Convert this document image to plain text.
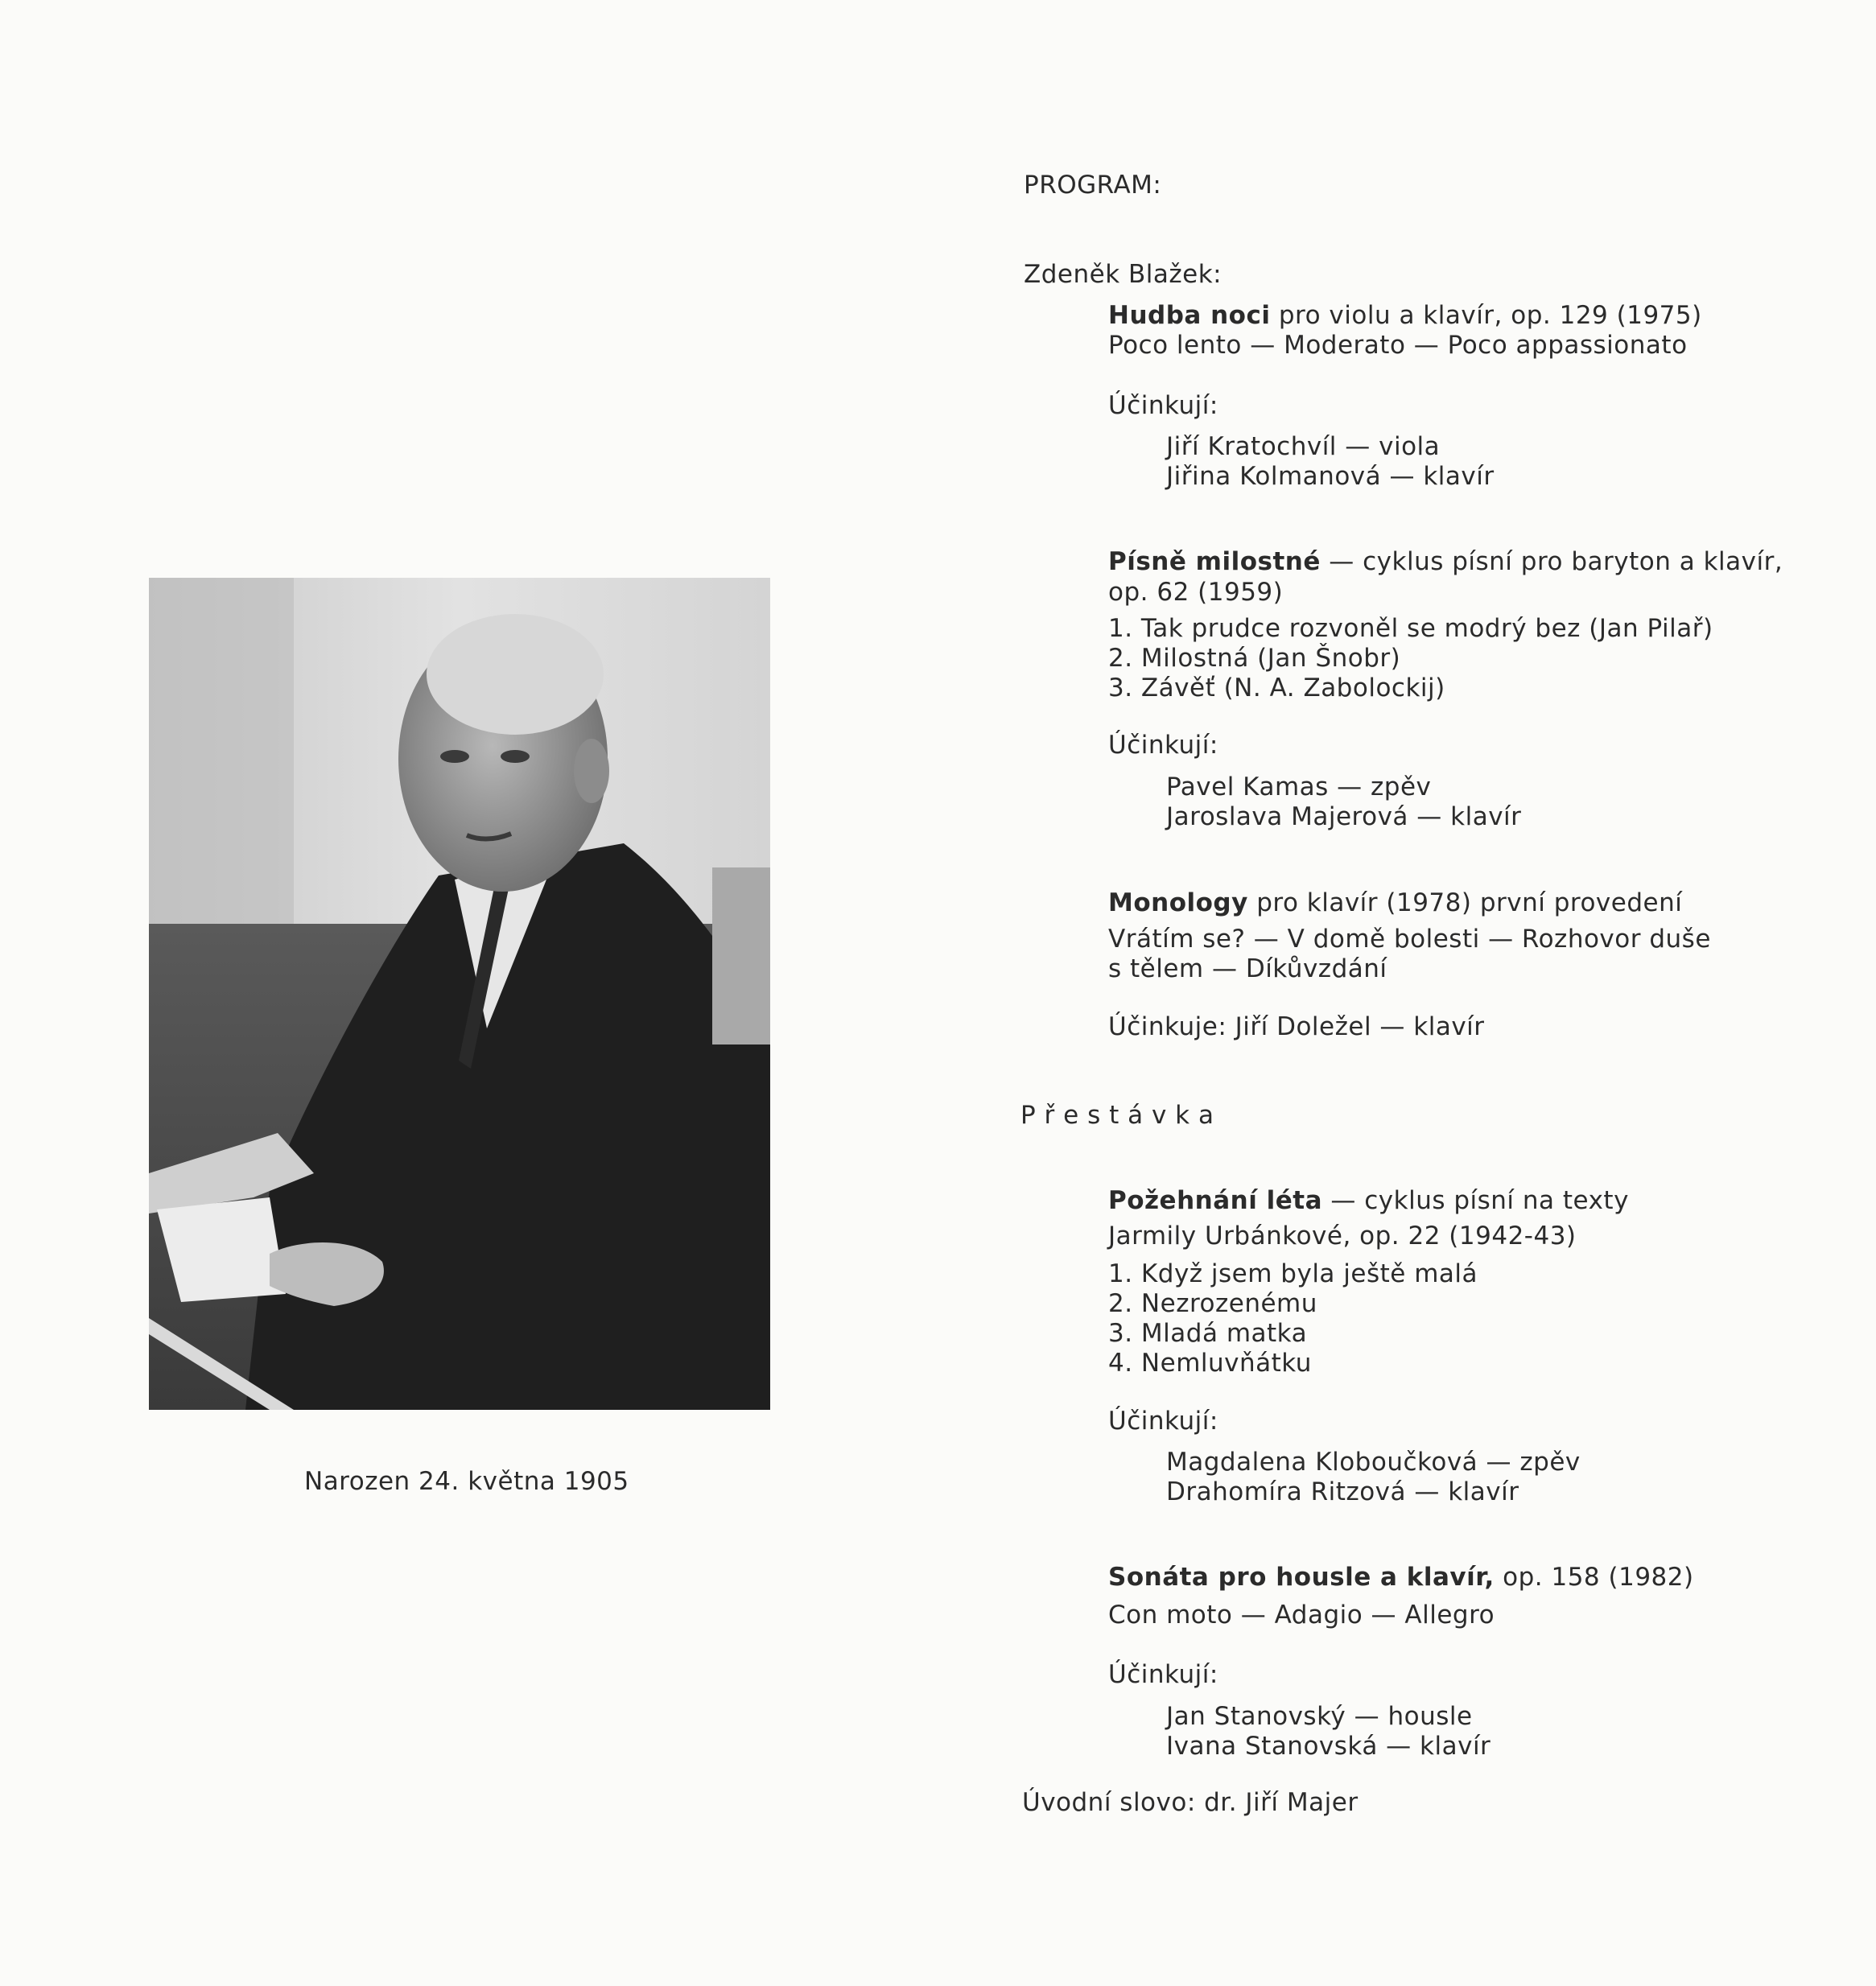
Narozen 24. května 1905
PROGRAM:
Zdeněk Blažek:
Hudba noci pro violu a klavír, op. 129 (1975)
Poco lento — Moderato — Poco appassionato
Účinkují:
Jiří Kratochvíl — viola
Jiřina Kolmanová — klavír
Písně milostné — cyklus písní pro baryton a klavír,
op. 62 (1959)
1. Tak prudce rozvoněl se modrý bez (Jan Pilař)
2. Milostná (Jan Šnobr)
3. Závěť (N. A. Zabolockij)
Účinkují:
Pavel Kamas — zpěv
Jaroslava Majerová — klavír
Monology pro klavír (1978) první provedení
Vrátím se? — V domě bolesti — Rozhovor duše
s tělem — Díkůvzdání
Účinkuje: Jiří Doležel — klavír
P ř e s t á v k a
Požehnání léta — cyklus písní na texty
Jarmily Urbánkové, op. 22 (1942-43)
1. Když jsem byla ještě malá
2. Nezrozenému
3. Mladá matka
4. Nemluvňátku
Účinkují:
Magdalena Kloboučková — zpěv
Drahomíra Ritzová — klavír
Sonáta pro housle a klavír, op. 158 (1982)
Con moto — Adagio — Allegro
Účinkují:
Jan Stanovský — housle
Ivana Stanovská — klavír
Úvodní slovo: dr. Jiří Majer
